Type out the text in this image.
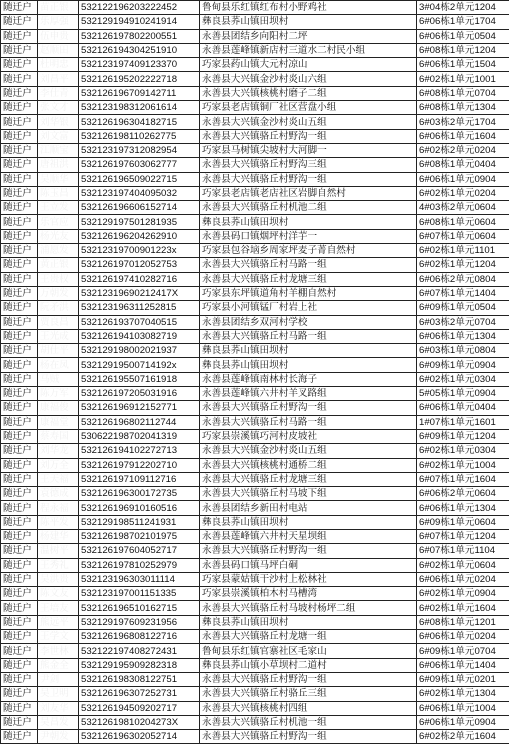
随迁户	苗正银	532122196203222452	鲁甸县乐红镇红布村小野鸡社	3#04栋2单元1204
随迁户	乐厚强	532129194910241914	彝良县荞山镇田坝村	6#06栋1单元1704
随迁户	伍申贵	532126197802200551	永善县团结乡向阳村二坪	6#06栋1单元0504
随迁户	赵顺田	532126194304251910	永善县莲峰镇新店村三道水二村民小组	6#08栋1单元1204
随迁户	杜明忠	532123197409123370	巧家县药山镇大元村凉山	6#06栋1单元1504
随迁户	刘昌平	532126195202222718	永善县大兴镇金沙村炎山六组	6#02栋1单元1001
随迁户	李仕青	532126196709142711	永善县大兴镇核桃村磨子二组	6#08栋1单元0704
随迁户	张文才	532123198312061614	巧家县老店镇铜厂社区营盘小组	6#08栋1单元1304
随迁户	刘华银	532126196304182715	永善县大兴镇金沙村炎山五组	6#03栋2单元1704
随迁户	刘文富	532126198110262775	永善县大兴镇骆丘村野沟一组	6#06栋1单元1604
随迁户	江顺宝	532123197312082954	巧家县马树镇尖坡村大河脚一	6#02栋2单元0204
随迁户	唐祖洪	532126197603062777	永善县大兴镇骆丘村野沟三组	6#08栋1单元0404
随迁户	吴顺华	532126196509022715	永善县大兴镇骆丘村野沟一组	6#06栋1单元0904
随迁户	陈玉昌	532123197404095032	巧家县老店镇老店社区岩脚自然村	6#02栋1单元0204
随迁户	王立发	532126196606152714	永善县大兴镇骆丘村机池二组	4#03栋2单元0604
随迁户	乐官应	532129197501281935	彝良县荞山镇田坝村	6#08栋1单元0604
随迁户	杨光友	532126196204262910	永善县码口镇烟坪村洋芋一	6#07栋1单元0604
随迁户	浦愿发	53212319700901223x	巧家县包谷垴乡周家坪麦子菁自然村	6#02栋1单元1101
随迁户	黄正银	532126197012052753	永善县大兴镇骆丘村马路一组	6#02栋1单元1204
随迁户	王贵权	532126197410282716	永善县大兴镇骆丘村龙塘三组	6#06栋2单元0804
随迁户	万朝发	53212319690212417X	巧家县东坪镇道角村羊棚自然村	6#07栋1单元1404
随迁户	阮矛洪	532123196311252815	巧家县小河镇锰厂村岩上社	6#09栋1单元0504
随迁户	贾良昌	532126193707040515	永善县团结乡双河村学校	6#03栋2单元0704
随迁户	王光成	532126194103082719	永善县大兴镇骆丘村马路一组	6#06栋1单元1304
随迁户	胡仕平	532129198002021937	彝良县荞山镇田坝村	6#03栋1单元0804
随迁户	杨在凤	53212919500714192x	彝良县荞山镇田坝村	6#09栋1单元0904
随迁户	马贼	532126195507161918	永善县莲峰镇南林村长海子	6#02栋1单元0304
随迁户	陈万军	532126197205031916	永善县莲峰镇六井村羊叉路组	5#05栋1单元0904
随迁户	康福俊	532126196912152771	永善县大兴镇骆丘村野沟一组	6#06栋1单元0404
随迁户	康福堂	532126196802112744	永善县大兴镇骆丘村马路一组	1#07栋1单元1601
随迁户	蔡寿国	530622198702041319	巧家县崇溪镇巧河村皮坡社	6#09栋1单元1204
随迁户	刘华龙	532126194102272713	永善县大兴镇金沙村炎山五组	6#02栋1单元0304
随迁户	刘万全	532126197912202710	永善县大兴镇核桃村通桥二组	6#02栋1单元1004
随迁户	王天福	532126197109112716	永善县大兴镇骆丘村龙塘三组	6#07栋1单元1604
随迁户	袁德成	532126196300172735	永善县大兴镇骆丘村马坡下组	6#06栋2单元0604
随迁户	程永福	532126196910160516	永善县团结乡新田村电站	6#06栋1单元1304
随迁户	陈平发	532129198511241931	彝良县荞山镇田坝村	6#09栋1单元0604
随迁户	杨建华	532126198702101975	永善县莲峰镇六井村天星坝组	6#07栋1单元1204
随迁户	温树平	532126197604052717	永善县大兴镇骆丘村野沟一组	6#07栋1单元1104
随迁户	王秀礼	532126197810252979	永善县码口镇马坪白硐	6#02栋1单元0604
随迁户	吴洪贵	532123196303011114	巧家县蒙姑镇干沙村上松林社	6#06栋1单元0204
随迁户	陈文友	532123197001151335	巧家县崇溪镇柏木村马槽湾	6#02栋1单元0904
随迁户	王培友	532126196510162715	永善县大兴镇骆丘村马坡村杨坪二组	6#02栋1单元1604
随迁户	熊远平	532129197609231956	彝良县荞山镇田坝村	6#08栋1单元1201
随迁户	王学文	532126196808122716	永善县大兴镇骆丘村龙塘一组	6#06栋1单元0204
随迁户	李世林	532122197408272431	鲁甸县乐红镇官寨社区毛家山	6#09栋1单元0704
随迁户	熊金全	532129195909282318	彝良县荞山镇小草坝村二道村	6#06栋1单元1404
随迁户	尹剑	532126198308122751	永善县大兴镇骆丘村野沟一组	6#09栋1单元0201
随迁户	吴卫明	532126196307252731	永善县大兴镇骆丘村骆丘三组	6#02栋1单元1304
随迁户	刘友华	532126194509202717	永善县大兴镇核桃村四组	6#06栋1单元1004
随迁户	吴昌发	53212619810204273X	永善县大兴镇骆丘村机池一组	6#06栋1单元0904
随迁户	尹朝发	532126196302052714	永善县大兴镇骆丘村野沟一组	6#02栋2单元1604
